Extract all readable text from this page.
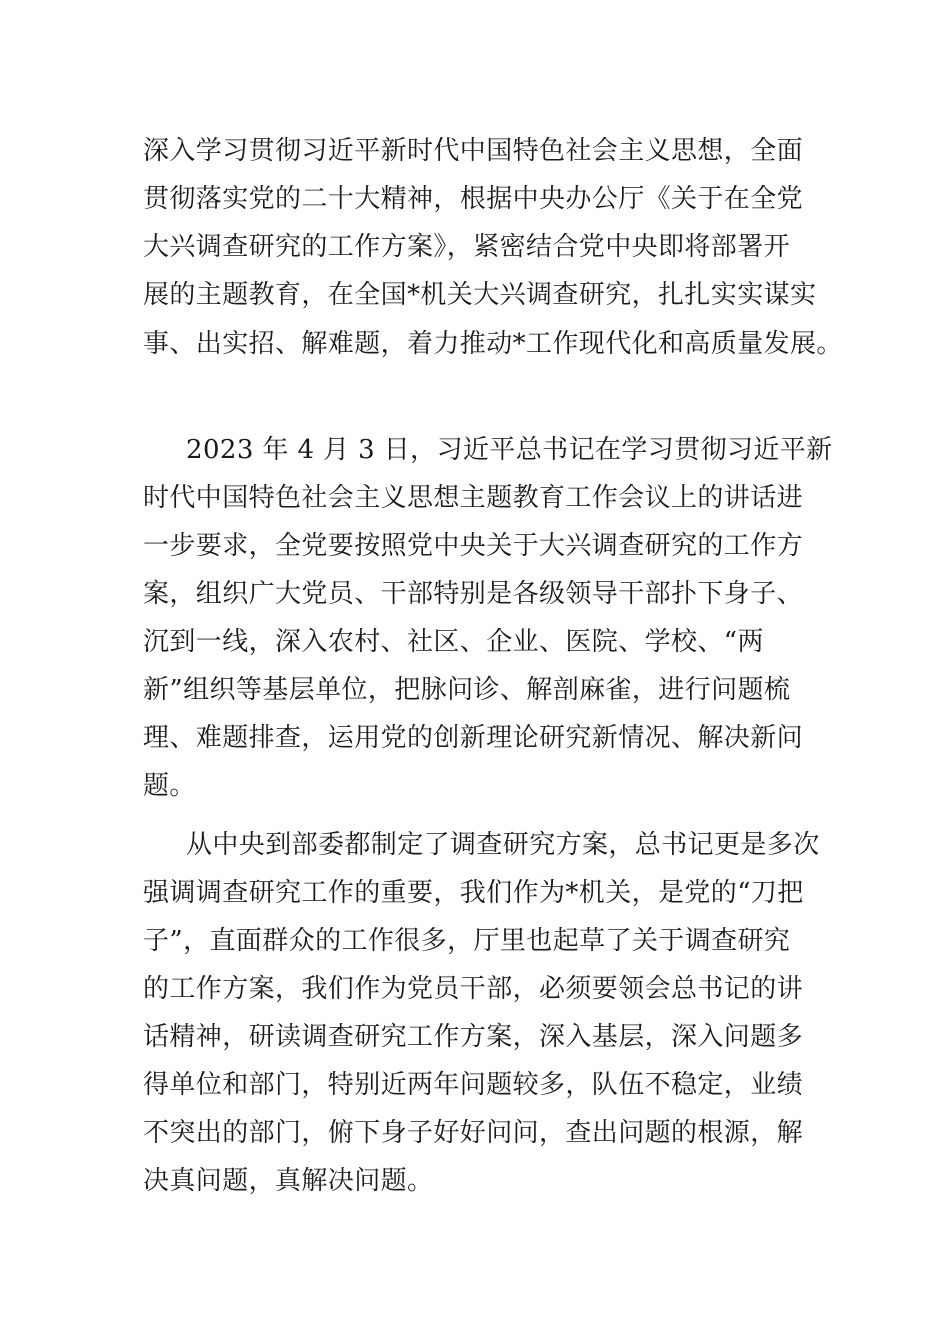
深入学习贯彻习近平新时代中国特色社会主义思想，全面
贯彻落实党的二十大精神，根据中央办公厅《关于在全党
大兴调查研究的工作方案》，紧密结合党中央即将部署开
展的主题教育，在全国*机关大兴调查研究，扎扎实实谋实
事、出实招、解难题，着力推动*工作现代化和高质量发展。
2023 年 4 月 3 日，习近平总书记在学习贯彻习近平新
时代中国特色社会主义思想主题教育工作会议上的讲话进
一步要求，全党要按照党中央关于大兴调查研究的工作方
案，组织广大党员、干部特别是各级领导干部扑下身子、
沉到一线，深入农村、社区、企业、医院、学校、“两
新”组织等基层单位，把脉问诊、解剖麻雀，进行问题梳
理、难题排查，运用党的创新理论研究新情况、解决新问
题。
从中央到部委都制定了调查研究方案，总书记更是多次
强调调查研究工作的重要，我们作为*机关，是党的“刀把
子”，直面群众的工作很多，厅里也起草了关于调查研究
的工作方案，我们作为党员干部，必须要领会总书记的讲
话精神，研读调查研究工作方案，深入基层，深入问题多
得单位和部门，特别近两年问题较多，队伍不稳定，业绩
不突出的部门，俯下身子好好问问，查出问题的根源，解
决真问题，真解决问题。
